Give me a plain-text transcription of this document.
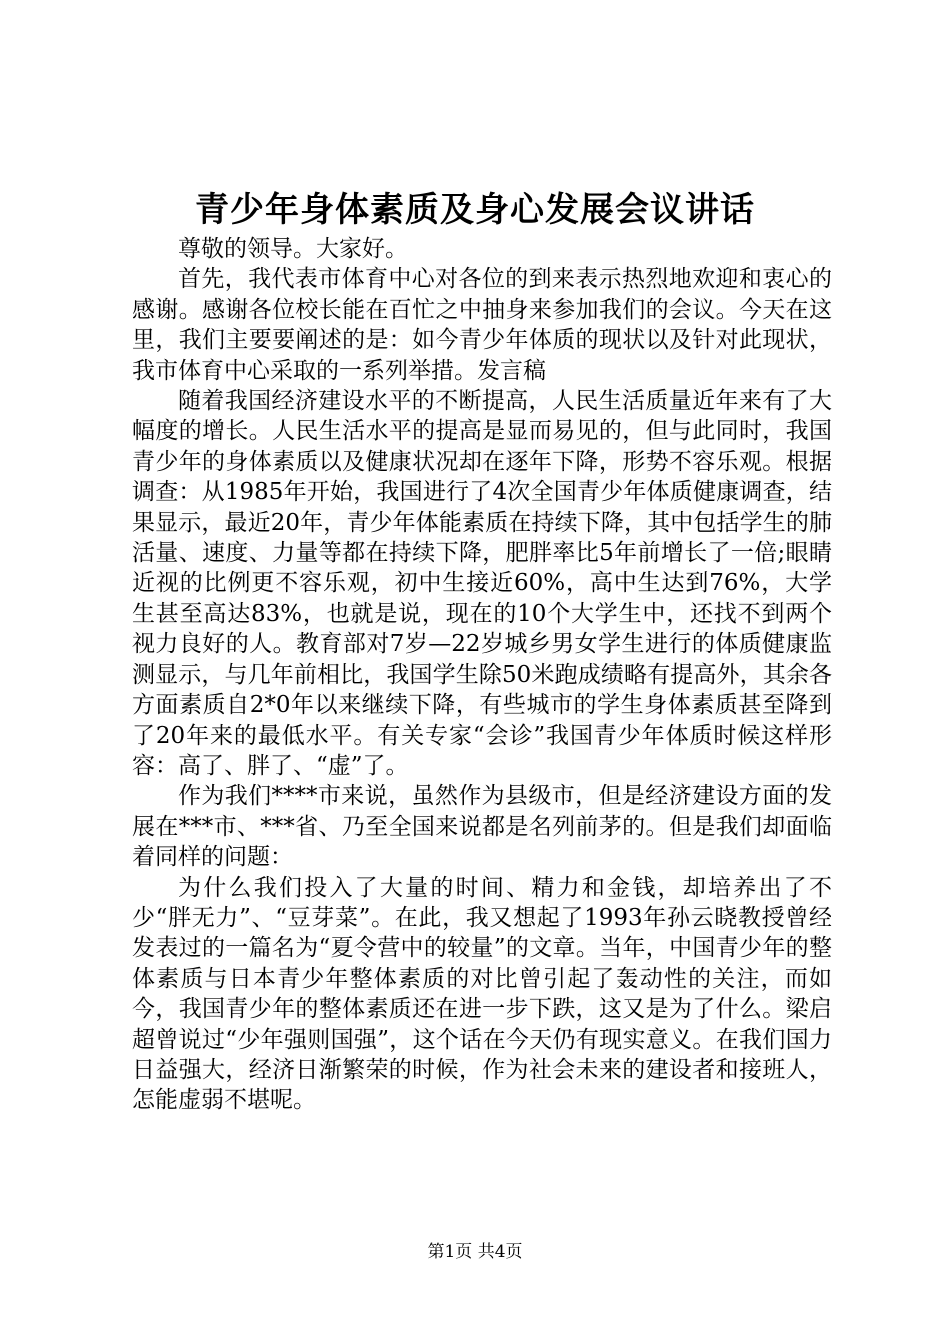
青少年身体素质及身心发展会议讲话

尊敬的领导。大家好。

首先，我代表市体育中心对各位的到来表示热烈地欢迎和衷心的感谢。感谢各位校长能在百忙之中抽身来参加我们的会议。今天在这里，我们主要要阐述的是：如今青少年体质的现状以及针对此现状，我市体育中心采取的一系列举措。发言稿

随着我国经济建设水平的不断提高，人民生活质量近年来有了大幅度的增长。人民生活水平的提高是显而易见的，但与此同时，我国青少年的身体素质以及健康状况却在逐年下降，形势不容乐观。根据调查：从1985年开始，我国进行了4次全国青少年体质健康调查，结果显示，最近20年，青少年体能素质在持续下降，其中包括学生的肺活量、速度、力量等都在持续下降，肥胖率比5年前增长了一倍;眼睛近视的比例更不容乐观，初中生接近60%，高中生达到76%，大学生甚至高达83%，也就是说，现在的10个大学生中，还找不到两个视力良好的人。教育部对7岁—22岁城乡男女学生进行的体质健康监测显示，与几年前相比，我国学生除50米跑成绩略有提高外，其余各方面素质自2*0年以来继续下降，有些城市的学生身体素质甚至降到了20年来的最低水平。有关专家“会诊”我国青少年体质时候这样形容：高了、胖了、“虚”了。

作为我们****市来说，虽然作为县级市，但是经济建设方面的发展在***市、***省、乃至全国来说都是名列前茅的。但是我们却面临着同样的问题：

为什么我们投入了大量的时间、精力和金钱，却培养出了不少“胖无力”、“豆芽菜”。在此，我又想起了1993年孙云晓教授曾经发表过的一篇名为“夏令营中的较量”的文章。当年，中国青少年的整体素质与日本青少年整体素质的对比曾引起了轰动性的关注，而如今，我国青少年的整体素质还在进一步下跌，这又是为了什么。梁启超曾说过“少年强则国强”，这个话在今天仍有现实意义。在我们国力日益强大，经济日渐繁荣的时候，作为社会未来的建设者和接班人，怎能虚弱不堪呢。

第1页 共4页
